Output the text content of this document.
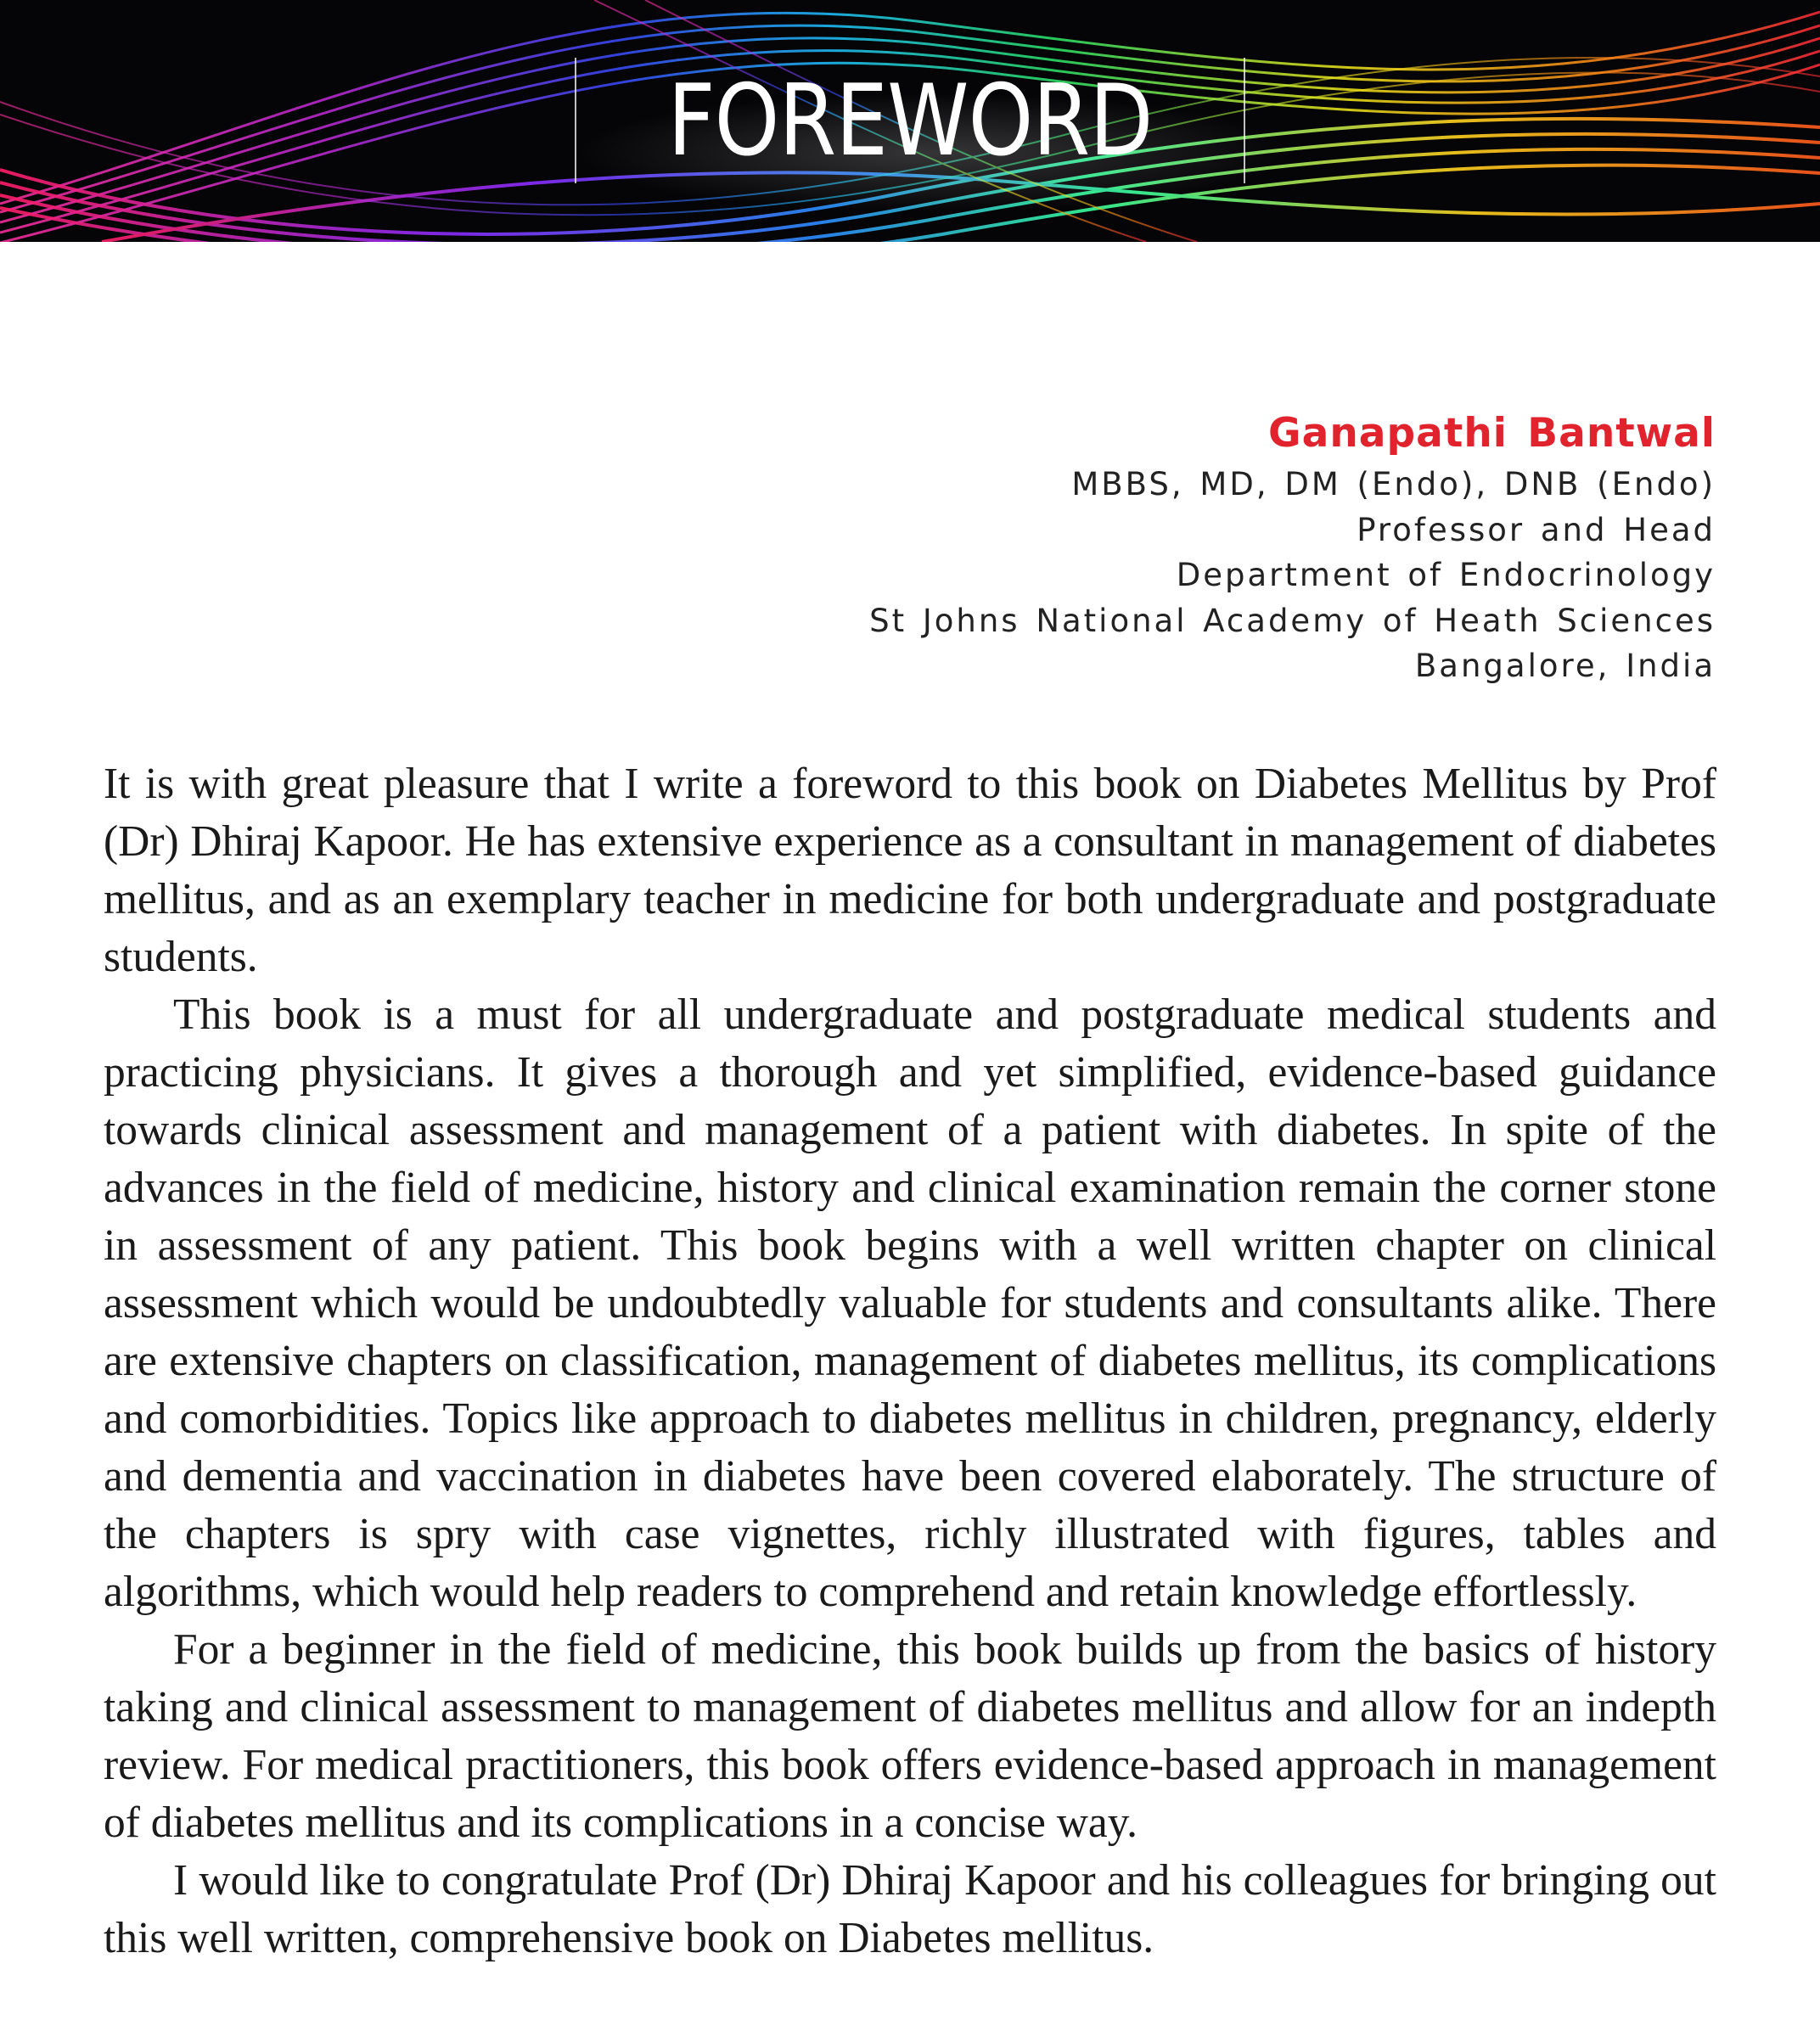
FOREWORD
Ganapathi Bantwal
MBBS, MD, DM (Endo), DNB (Endo)
Professor and Head
Department of Endocrinology
St Johns National Academy of Heath Sciences
Bangalore, India

It is with great pleasure that I write a foreword to this book on Diabetes Mellitus by Prof (Dr) Dhiraj Kapoor. He has extensive experience as a consultant in management of diabetes mellitus, and as an exemplary teacher in medicine for both undergraduate and postgraduate students.

This book is a must for all undergraduate and postgraduate medical students and practicing physicians. It gives a thorough and yet simplified, evidence-based guidance towards clinical assessment and management of a patient with diabetes. In spite of the advances in the field of medicine, history and clinical examination remain the corner stone in assessment of any patient. This book begins with a well written chapter on clinical assessment which would be undoubtedly valuable for students and consultants alike. There are extensive chapters on classification, management of diabetes mellitus, its complications and comorbidities. Topics like approach to diabetes mellitus in children, pregnancy, elderly and dementia and vaccination in diabetes have been covered elaborately. The structure of the chapters is spry with case vignettes, richly illustrated with figures, tables and algorithms, which would help readers to comprehend and retain knowledge effortlessly.

For a beginner in the field of medicine, this book builds up from the basics of history taking and clinical assessment to management of diabetes mellitus and allow for an indepth review. For medical practitioners, this book offers evidence-based approach in management of diabetes mellitus and its complications in a concise way.

I would like to congratulate Prof (Dr) Dhiraj Kapoor and his colleagues for bringing out this well written, comprehensive book on Diabetes mellitus.
